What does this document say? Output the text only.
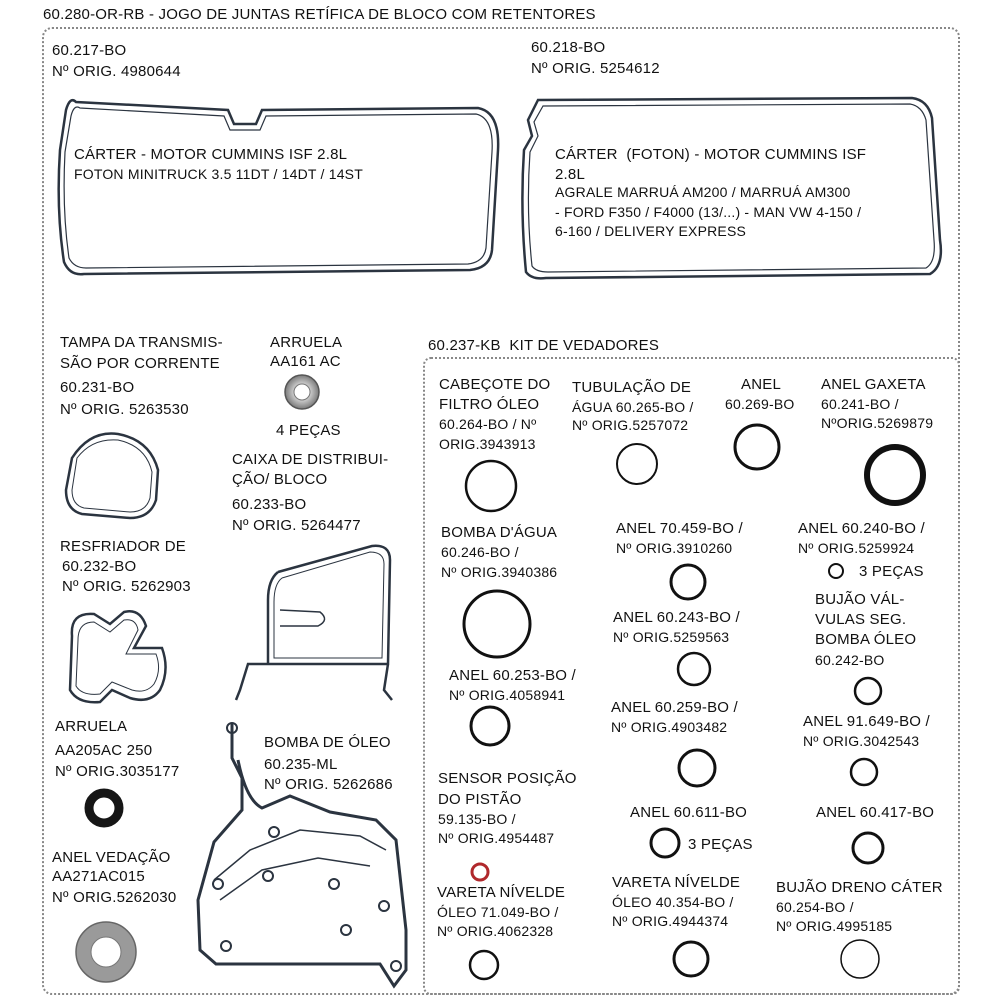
60.280-OR-RB - JOGO DE JUNTAS RETÍFICA DE BLOCO COM RETENTORES
60.217-BO
Nº ORIG. 4980644
CÁRTER - MOTOR CUMMINS ISF 2.8L
FOTON MINITRUCK 3.5 11DT / 14DT / 14ST
60.218-BO
Nº ORIG. 5254612
CÁRTER  (FOTON) - MOTOR CUMMINS ISF
2.8L
AGRALE MARRUÁ AM200 / MARRUÁ AM300
- FORD F350 / F4000 (13/...) - MAN VW 4-150 /
6-160 / DELIVERY EXPRESS
TAMPA DA TRANSMIS-
SÃO POR CORRENTE
60.231-BO
Nº ORIG. 5263530
ARRUELA
AA161 AC
4 PEÇAS
CAIXA DE DISTRIBUI-
ÇÃO/ BLOCO
60.233-BO
Nº ORIG. 5264477
RESFRIADOR DE
60.232-BO
Nº ORIG. 5262903
ARRUELA
AA205AC 250
Nº ORIG.3035177
BOMBA DE ÓLEO
60.235-ML
Nº ORIG. 5262686
ANEL VEDAÇÃO
AA271AC015
Nº ORIG.5262030
60.237-KB  KIT DE VEDADORES
CABEÇOTE DO
FILTRO ÓLEO
60.264-BO / Nº
ORIG.3943913
TUBULAÇÃO DE
ÁGUA 60.265-BO /
Nº ORIG.5257072
ANEL
60.269-BO
ANEL GAXETA
60.241-BO /
NºORIG.5269879
BOMBA D'ÁGUA
60.246-BO /
Nº ORIG.3940386
ANEL 70.459-BO /
Nº ORIG.3910260
ANEL 60.240-BO /
Nº ORIG.5259924
3 PEÇAS
ANEL 60.243-BO /
Nº ORIG.5259563
BUJÃO VÁL-
VULAS SEG.
BOMBA ÓLEO
60.242-BO
ANEL 60.253-BO /
Nº ORIG.4058941
ANEL 60.259-BO /
Nº ORIG.4903482	ANEL 91.649-BO /
Nº ORIG.3042543
SENSOR POSIÇÃO
DO PISTÃO
59.135-BO /
Nº ORIG.4954487
ANEL 60.611-BO
3 PEÇAS
ANEL 60.417-BO
VARETA NÍVELDE
ÓLEO 71.049-BO /
Nº ORIG.4062328
VARETA NÍVELDE
ÓLEO 40.354-BO /
Nº ORIG.4944374
BUJÃO DRENO CÁTER
60.254-BO /
Nº ORIG.4995185
